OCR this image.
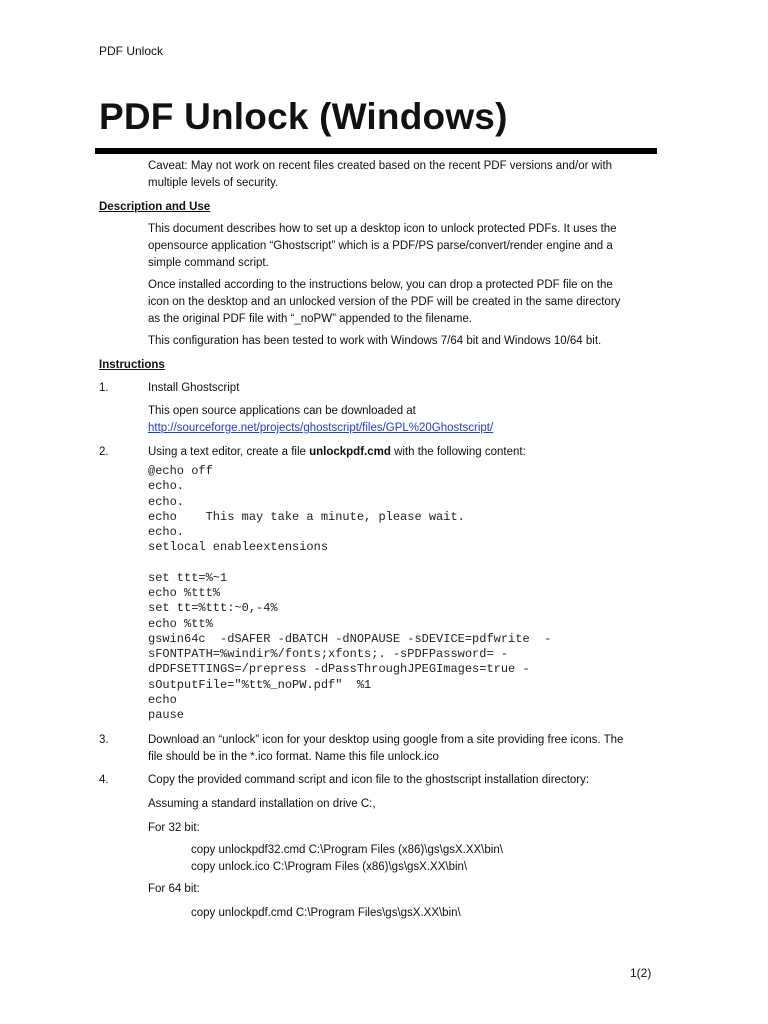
PDF Unlock
PDF Unlock (Windows)
Caveat: May not work on recent files created based on the recent PDF versions and/or with
multiple levels of security.
Description and Use
This document describes how to set up a desktop icon to unlock protected PDFs. It uses the
opensource application “Ghostscript” which is a PDF/PS parse/convert/render engine and a
simple command script.
Once installed according to the instructions below, you can drop a protected PDF file on the
icon on the desktop and an unlocked version of the PDF will be created in the same directory
as the original PDF file with “_noPW” appended to the filename.
This configuration has been tested to work with Windows 7/64 bit and Windows 10/64 bit.
Instructions
1.	Install Ghostscript
This open source applications can be downloaded at
http://sourceforge.net/projects/ghostscript/files/GPL%20Ghostscript/
2.	Using a text editor, create a file unlockpdf.cmd with the following content:
@echo off
echo.
echo.
echo    This may take a minute, please wait.
echo.
setlocal enableextensions

set ttt=%~1
echo %ttt%
set tt=%ttt:~0,-4%
echo %tt%
gswin64c  -dSAFER -dBATCH -dNOPAUSE -sDEVICE=pdfwrite  -
sFONTPATH=%windir%/fonts;xfonts;. -sPDFPassword= -
dPDFSETTINGS=/prepress -dPassThroughJPEGImages=true -
sOutputFile="%tt%_noPW.pdf"  %1
echo
pause
3.	Download an “unlock” icon for your desktop using google from a site providing free icons. The
file should be in the *.ico format. Name this file unlock.ico
4.	Copy the provided command script and icon file to the ghostscript installation directory:
Assuming a standard installation on drive C:,
For 32 bit:
copy unlockpdf32.cmd C:\Program Files (x86)\gs\gsX.XX\bin\
copy unlock.ico C:\Program Files (x86)\gs\gsX.XX\bin\
For 64 bit:
copy unlockpdf.cmd C:\Program Files\gs\gsX.XX\bin\
1(2)
